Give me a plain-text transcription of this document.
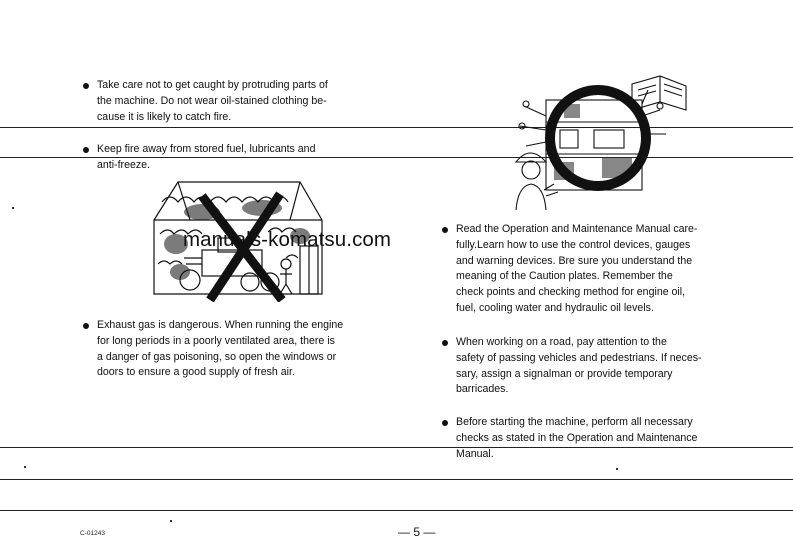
Take care not to get caught by protruding parts of
the machine. Do not wear oil-stained clothing be-
cause it is likely to catch fire.
Keep fire away from stored fuel, lubricants and
anti-freeze.
Exhaust gas is dangerous. When running the engine
for long periods in a poorly ventilated area, there is
a danger of gas poisoning, so open the windows or
doors to ensure a good supply of fresh air.
Read the Operation and Maintenance Manual care-
fully.Learn how to use the control devices, gauges
and warning devices. Bre sure you understand the
meaning of the Caution plates. Remember the
check points and checking method for engine oil,
fuel, cooling water and hydraulic oil levels.
When working on a road, pay attention to the
safety of passing vehicles and pedestrians. If neces-
sary, assign a signalman or provide temporary
barricades.
Before starting the machine, perform all necessary
checks as stated in the Operation and Maintenance
Manual.
manuals-komatsu.com
C-01243	— 5 —
